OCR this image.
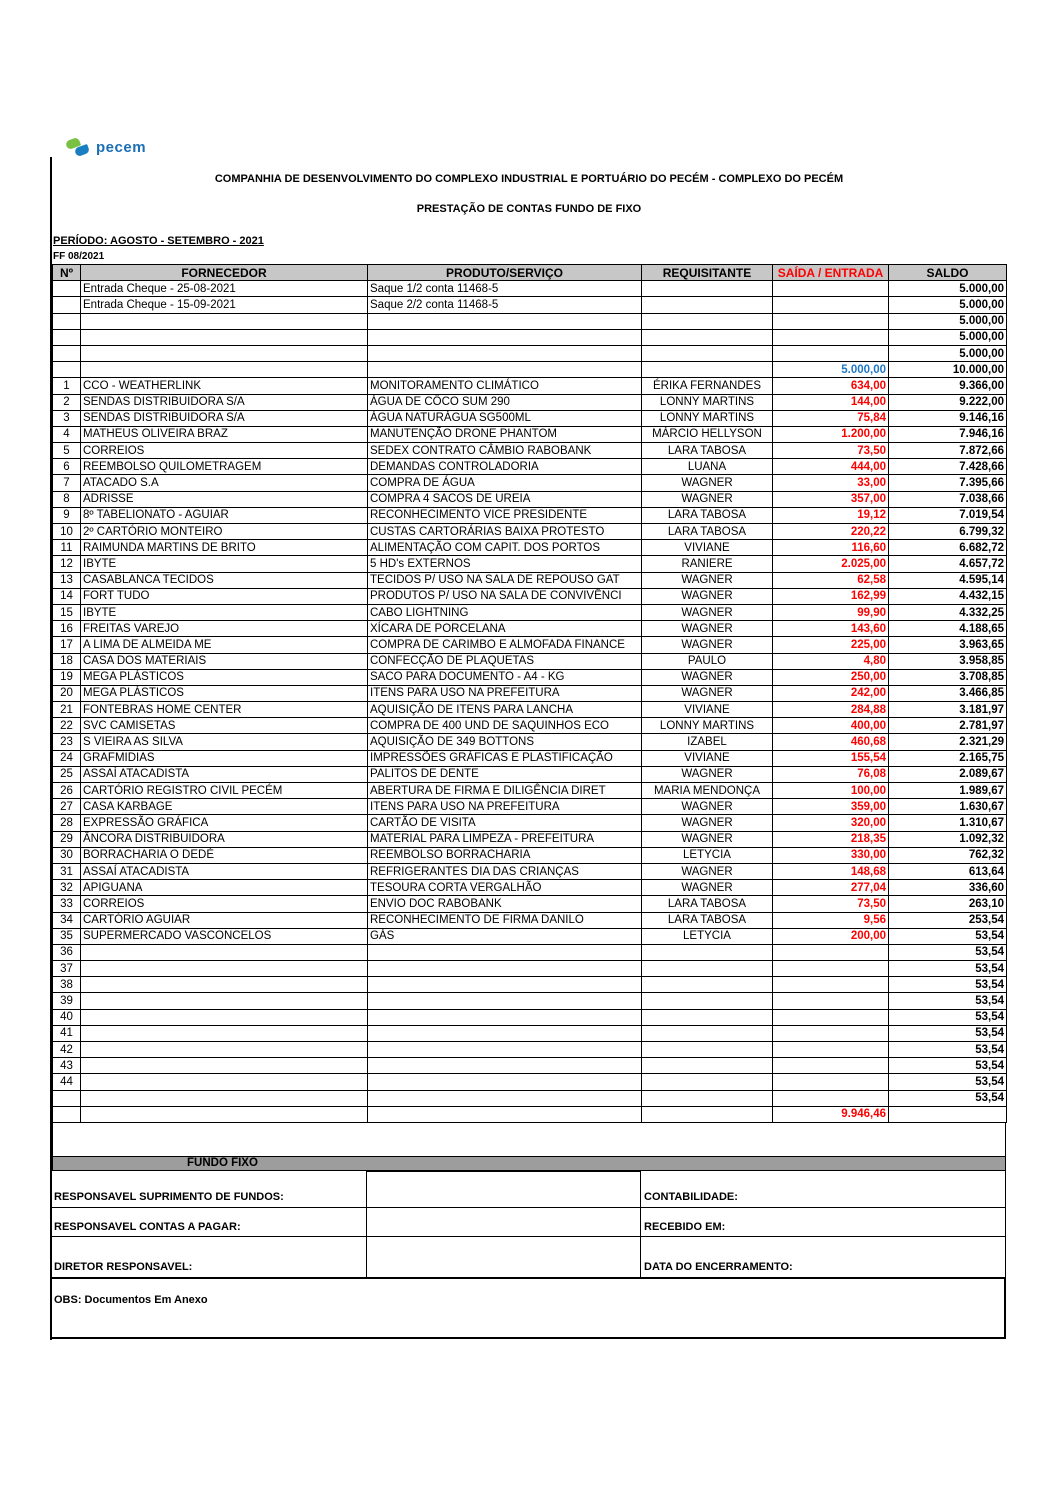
pecem
COMPANHIA DE DESENVOLVIMENTO DO COMPLEXO INDUSTRIAL E PORTUÁRIO DO PECÉM - COMPLEXO DO PECÉM
PRESTAÇÃO DE CONTAS FUNDO DE FIXO
PERÍODO: AGOSTO - SETEMBRO - 2021
FF 08/2021
Nº	FORNECEDOR	PRODUTO/SERVIÇO	REQUISITANTE	SAÍDA / ENTRADA	SALDO
	Entrada Cheque - 25-08-2021	Saque 1/2 conta 11468-5			5.000,00
	Entrada Cheque - 15-09-2021	Saque 2/2 conta 11468-5			5.000,00
					5.000,00
					5.000,00
					5.000,00
				5.000,00	10.000,00
1	CCO - WEATHERLINK	MONITORAMENTO CLIMÁTICO	ÉRIKA FERNANDES	634,00	9.366,00
2	SENDAS DISTRIBUIDORA S/A	ÁGUA DE CÔCO SUM 290	LONNY MARTINS	144,00	9.222,00
3	SENDAS DISTRIBUIDORA S/A	ÁGUA NATURÁGUA SG500ML	LONNY MARTINS	75,84	9.146,16
4	MATHEUS OLIVEIRA BRAZ	MANUTENÇÃO DRONE PHANTOM	MÁRCIO HELLYSON	1.200,00	7.946,16
5	CORREIOS	SEDEX CONTRATO CÂMBIO RABOBANK	LARA TABOSA	73,50	7.872,66
6	REEMBOLSO QUILOMETRAGEM	DEMANDAS CONTROLADORIA	LUANA	444,00	7.428,66
7	ATACADO S.A	COMPRA DE ÁGUA	WAGNER	33,00	7.395,66
8	ADRISSE	COMPRA 4 SACOS DE UREIA	WAGNER	357,00	7.038,66
9	8º TABELIONATO - AGUIAR	RECONHECIMENTO VICE PRESIDENTE	LARA TABOSA	19,12	7.019,54
10	2º CARTÓRIO MONTEIRO	CUSTAS CARTORÁRIAS BAIXA PROTESTO	LARA TABOSA	220,22	6.799,32
11	RAIMUNDA MARTINS DE BRITO	ALIMENTAÇÃO COM CAPIT. DOS PORTOS	VIVIANE	116,60	6.682,72
12	IBYTE	5 HD's EXTERNOS	RANIERE	2.025,00	4.657,72
13	CASABLANCA TECIDOS	TECIDOS P/ USO NA SALA DE REPOUSO GAT	WAGNER	62,58	4.595,14
14	FORT TUDO	PRODUTOS P/ USO NA SALA DE CONVIVÊNCI	WAGNER	162,99	4.432,15
15	IBYTE	CABO LIGHTNING	WAGNER	99,90	4.332,25
16	FREITAS VAREJO	XÍCARA DE PORCELANA	WAGNER	143,60	4.188,65
17	A LIMA DE ALMEIDA ME	COMPRA DE CARIMBO E ALMOFADA FINANCE	WAGNER	225,00	3.963,65
18	CASA DOS MATERIAIS	CONFECÇÃO DE PLAQUETAS	PAULO	4,80	3.958,85
19	MEGA PLÁSTICOS	SACO PARA DOCUMENTO - A4 - KG	WAGNER	250,00	3.708,85
20	MEGA PLÁSTICOS	ITENS PARA USO NA PREFEITURA	WAGNER	242,00	3.466,85
21	FONTEBRAS HOME CENTER	AQUISIÇÃO DE ITENS PARA LANCHA	VIVIANE	284,88	3.181,97
22	SVC CAMISETAS	COMPRA DE 400 UND DE SAQUINHOS ECO	LONNY MARTINS	400,00	2.781,97
23	S VIEIRA AS SILVA	AQUISIÇÃO DE 349 BOTTONS	IZABEL	460,68	2.321,29
24	GRAFMIDIAS	IMPRESSÕES GRÁFICAS E PLASTIFICAÇÃO	VIVIANE	155,54	2.165,75
25	ASSAÍ ATACADISTA	PALITOS DE DENTE	WAGNER	76,08	2.089,67
26	CARTÓRIO REGISTRO CIVIL PECÉM	ABERTURA DE FIRMA E DILIGÊNCIA DIRET	MARIA MENDONÇA	100,00	1.989,67
27	CASA KARBAGE	ITENS PARA USO NA PREFEITURA	WAGNER	359,00	1.630,67
28	EXPRESSÃO GRÁFICA	CARTÃO DE VISITA	WAGNER	320,00	1.310,67
29	ÂNCORA DISTRIBUIDORA	MATERIAL PARA LIMPEZA - PREFEITURA	WAGNER	218,35	1.092,32
30	BORRACHARIA O DEDÉ	REEMBOLSO BORRACHARIA	LETYCIA	330,00	762,32
31	ASSAÍ ATACADISTA	REFRIGERANTES DIA DAS CRIANÇAS	WAGNER	148,68	613,64
32	APIGUANA	TESOURA CORTA VERGALHÃO	WAGNER	277,04	336,60
33	CORREIOS	ENVIO DOC RABOBANK	LARA TABOSA	73,50	263,10
34	CARTÓRIO AGUIAR	RECONHECIMENTO DE FIRMA DANILO	LARA TABOSA	9,56	253,54
35	SUPERMERCADO VASCONCELOS	GÁS	LETYCIA	200,00	53,54
36					53,54
37					53,54
38					53,54
39					53,54
40					53,54
41					53,54
42					53,54
43					53,54
44					53,54
					53,54
				9.946,46	
FUNDO FIXO
RESPONSAVEL SUPRIMENTO DE FUNDOS:
RESPONSAVEL CONTAS A PAGAR:
DIRETOR RESPONSAVEL:
CONTABILIDADE:
RECEBIDO EM:
DATA DO ENCERRAMENTO:
OBS: Documentos Em Anexo
